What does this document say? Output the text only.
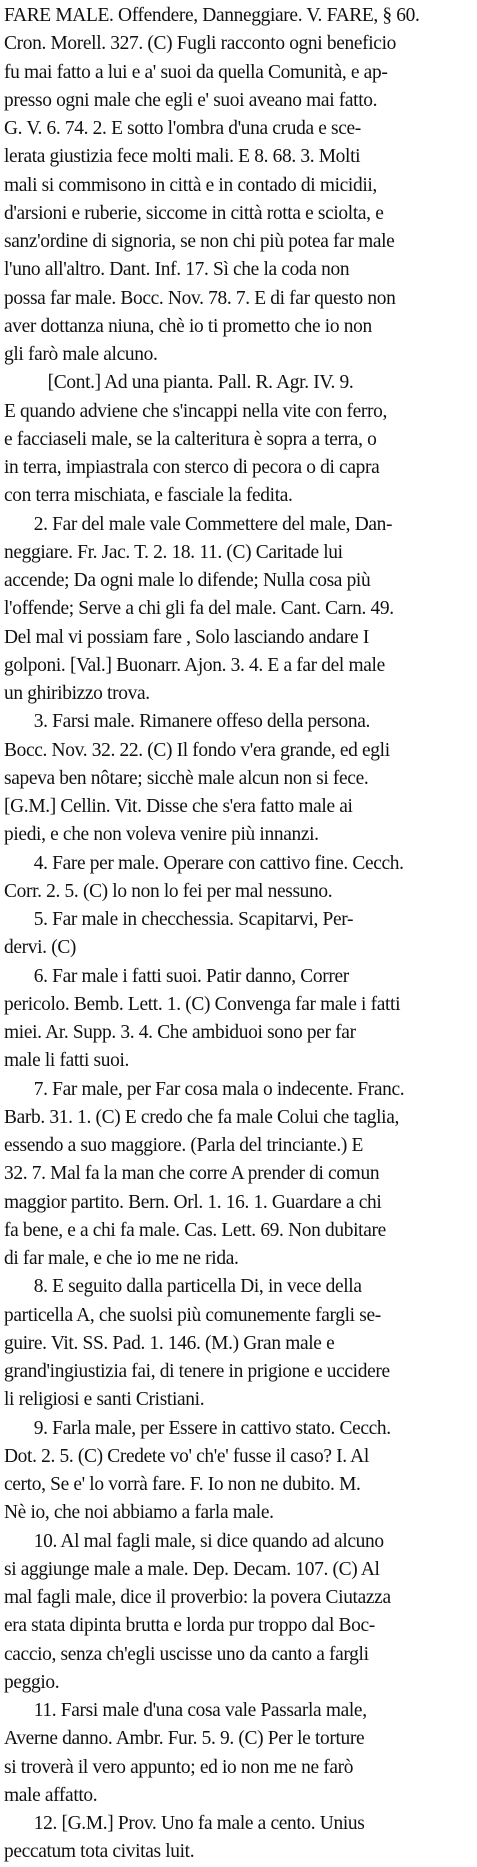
FARE MALE. Offendere, Danneggiare. V. FARE, § 60.
Cron. Morell. 327. (C) Fugli racconto ogni beneficio
fu mai fatto a lui e a' suoi da quella Comunità, e ap-
presso ogni male che egli e' suoi aveano mai fatto.
G. V. 6. 74. 2. E sotto l'ombra d'una cruda e sce-
lerata giustizia fece molti mali. E 8. 68. 3. Molti
mali si commisono in città e in contado di micidii,
d'arsioni e ruberie, siccome in città rotta e sciolta, e
sanz'ordine di signoria, se non chi più potea far male
l'uno all'altro. Dant. Inf. 17. Sì che la coda non
possa far male. Bocc. Nov. 78. 7. E di far questo non
aver dottanza niuna, chè io ti prometto che io non
gli farò male alcuno.
[Cont.] Ad una pianta. Pall. R. Agr. IV. 9.
E quando adviene che s'incappi nella vite con ferro,
e facciaseli male, se la calteritura è sopra a terra, o
in terra, impiastrala con sterco di pecora o di capra
con terra mischiata, e fasciale la fedita.
2. Far del male vale Commettere del male, Dan-
neggiare. Fr. Jac. T. 2. 18. 11. (C) Caritade lui
accende; Da ogni male lo difende; Nulla cosa più
l'offende; Serve a chi gli fa del male. Cant. Carn. 49.
Del mal vi possiam fare , Solo lasciando andare I
golponi. [Val.] Buonarr. Ajon. 3. 4. E a far del male
un ghiribizzo trova.
3. Farsi male. Rimanere offeso della persona.
Bocc. Nov. 32. 22. (C) Il fondo v'era grande, ed egli
sapeva ben nôtare; sicchè male alcun non si fece.
[G.M.] Cellin. Vit. Disse che s'era fatto male ai
piedi, e che non voleva venire più innanzi.
4. Fare per male. Operare con cattivo fine. Cecch.
Corr. 2. 5. (C) lo non lo fei per mal nessuno.
5. Far male in checchessia. Scapitarvi, Per-
dervi. (C)
6. Far male i fatti suoi. Patir danno, Correr
pericolo. Bemb. Lett. 1. (C) Convenga far male i fatti
miei. Ar. Supp. 3. 4. Che ambiduoi sono per far
male li fatti suoi.
7. Far male, per Far cosa mala o indecente. Franc.
Barb. 31. 1. (C) E credo che fa male Colui che taglia,
essendo a suo maggiore. (Parla del trinciante.) E
32. 7. Mal fa la man che corre A prender di comun
maggior partito. Bern. Orl. 1. 16. 1. Guardare a chi
fa bene, e a chi fa male. Cas. Lett. 69. Non dubitare
di far male, e che io me ne rida.
8. E seguito dalla particella Di, in vece della
particella A, che suolsi più comunemente fargli se-
guire. Vit. SS. Pad. 1. 146. (M.) Gran male e
grand'ingiustizia fai, di tenere in prigione e uccidere
li religiosi e santi Cristiani.
9. Farla male, per Essere in cattivo stato. Cecch.
Dot. 2. 5. (C) Credete vo' ch'e' fusse il caso? I. Al
certo, Se e' lo vorrà fare. F. Io non ne dubito. M.
Nè io, che noi abbiamo a farla male.
10. Al mal fagli male, si dice quando ad alcuno
si aggiunge male a male. Dep. Decam. 107. (C) Al
mal fagli male, dice il proverbio: la povera Ciutazza
era stata dipinta brutta e lorda pur troppo dal Boc-
caccio, senza ch'egli uscisse uno da canto a fargli
peggio.
11. Farsi male d'una cosa vale Passarla male,
Averne danno. Ambr. Fur. 5. 9. (C) Per le torture
si troverà il vero appunto; ed io non me ne farò
male affatto.
12. [G.M.] Prov. Uno fa male a cento. Unius
peccatum tota civitas luit.
